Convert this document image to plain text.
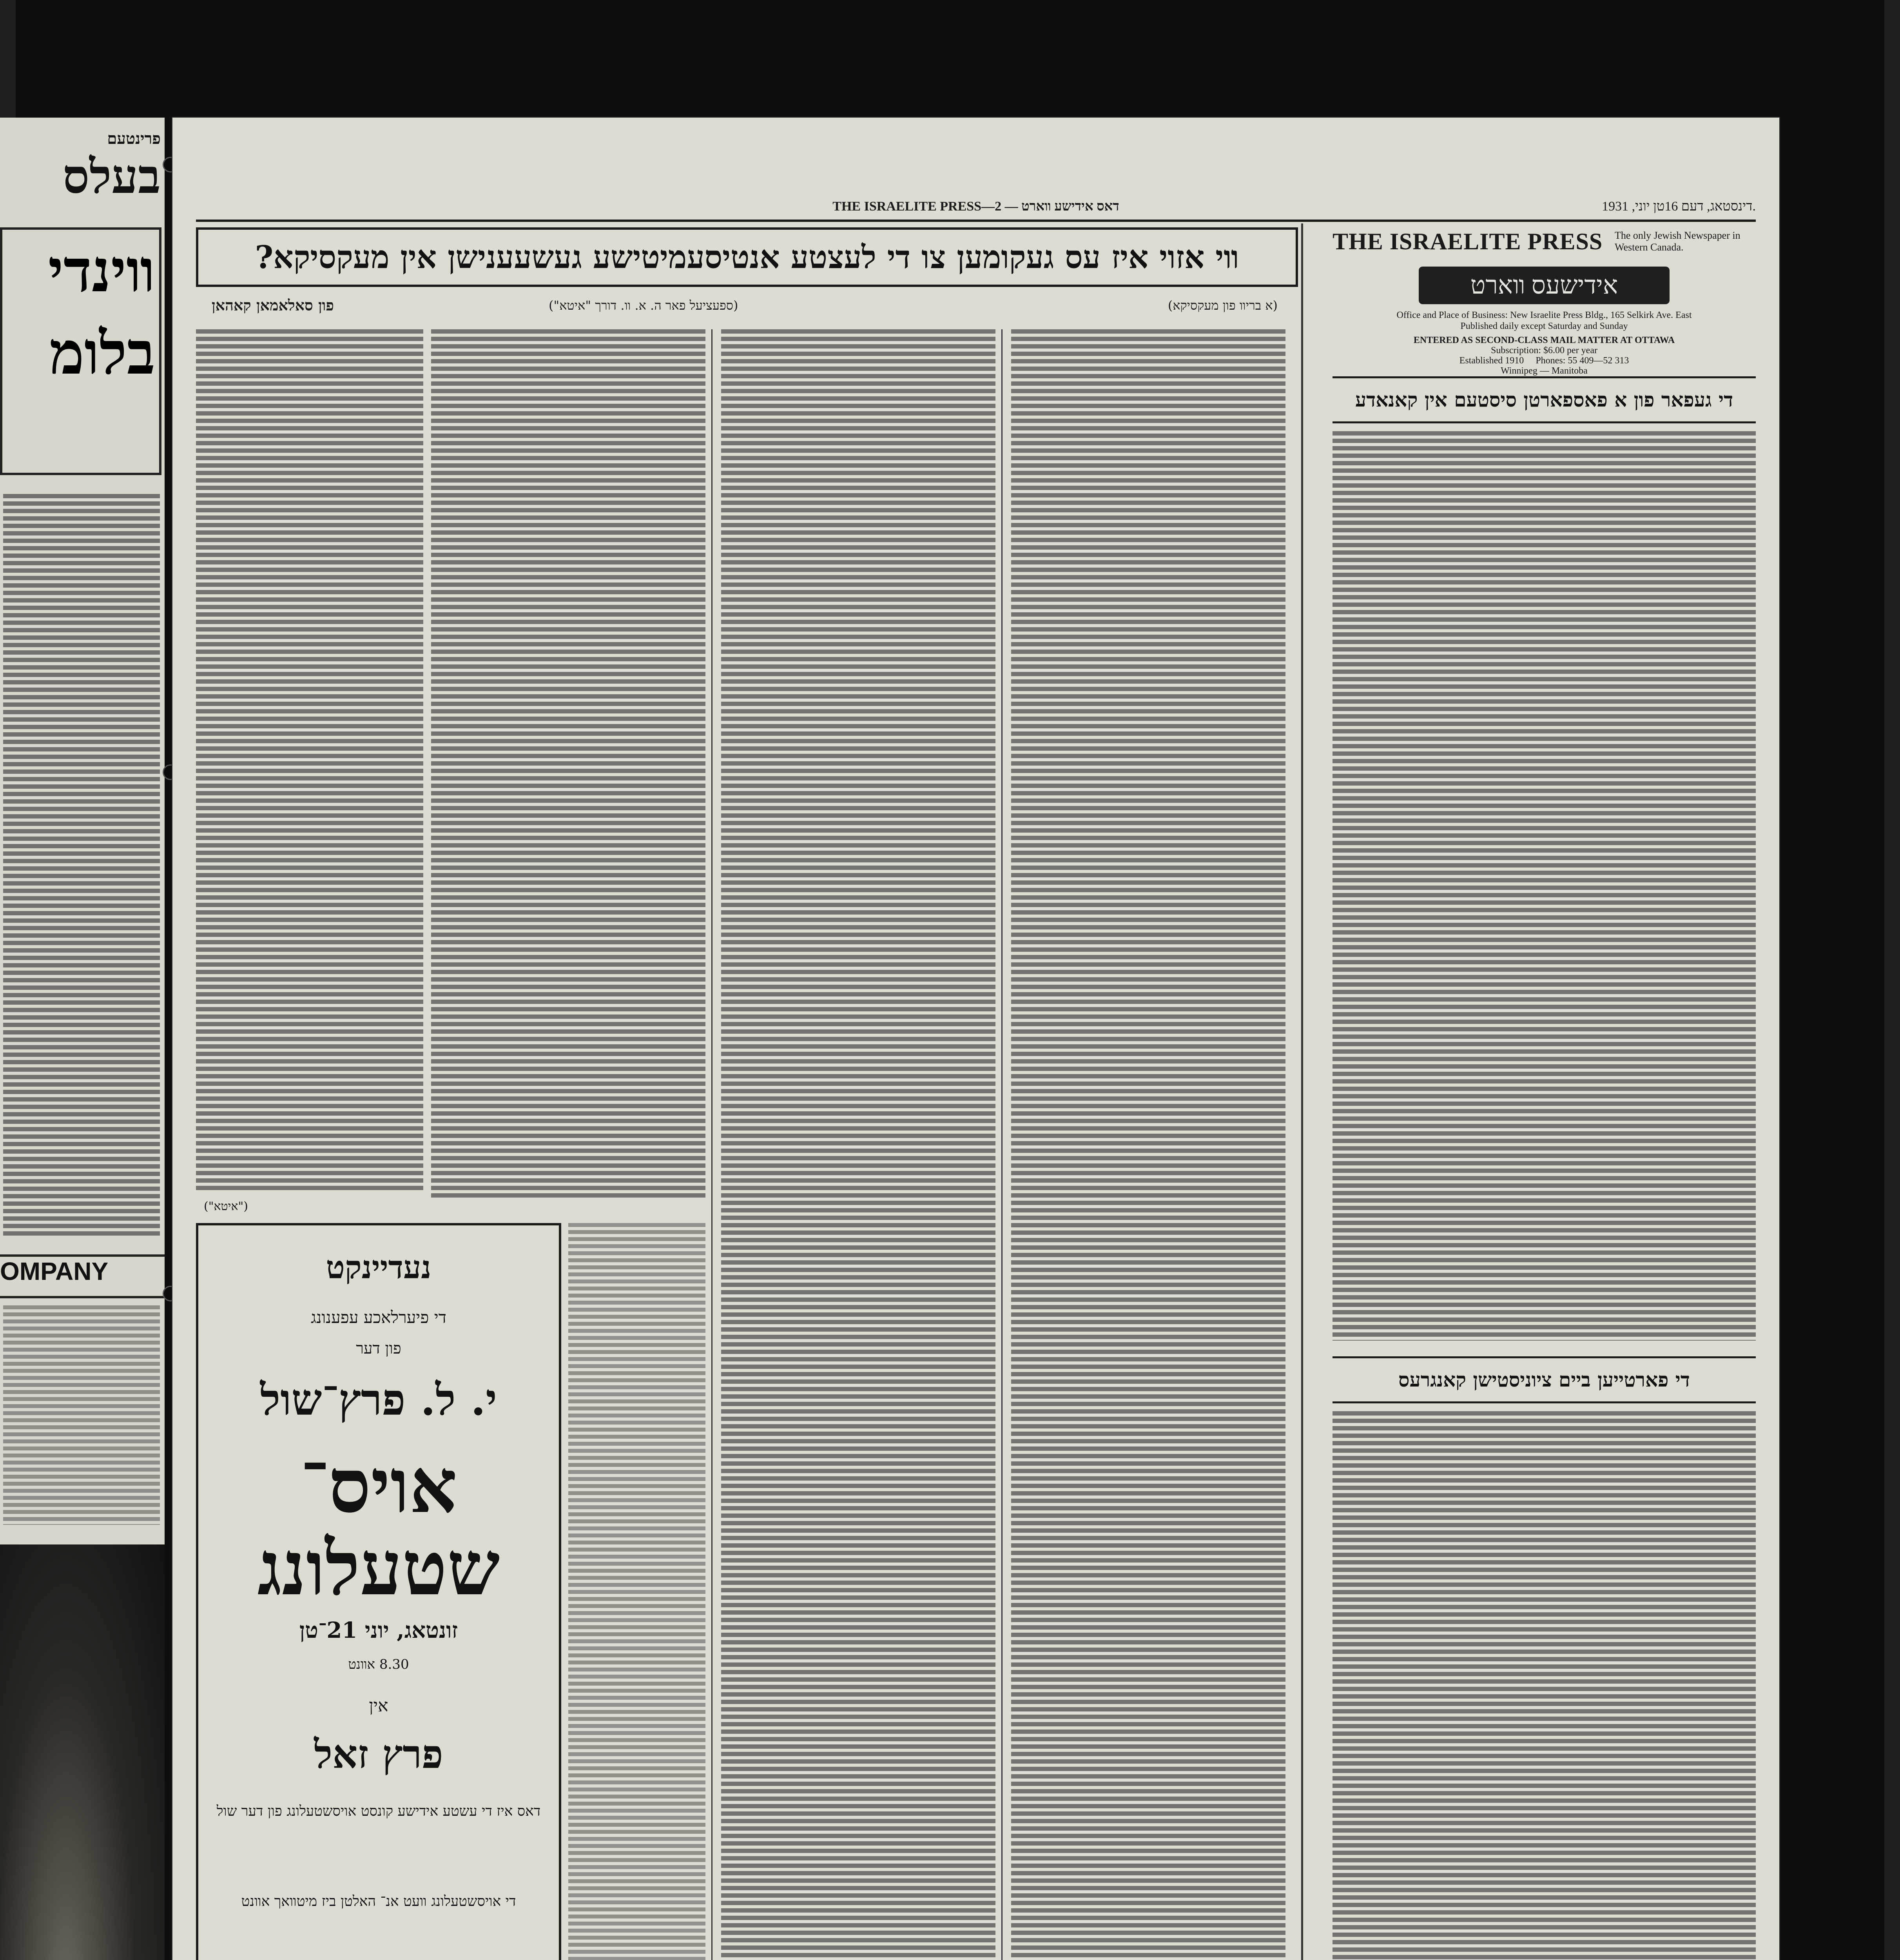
פרינטעם
בעלס
װינדי בלומ
OMPANY
THE ISRAELITE PRESS—2 — דאס אידישע װארט	דינסטאג, דעם 16טן יוני, 1931.
THE ISRAELITE PRESS The only Jewish Newspaper in Western Canada.
אידישעס װארט
Office and Place of Business: New Israelite Press Bldg., 165 Selkirk Ave. East
Published daily except Saturday and Sunday
ENTERED AS SECOND-CLASS MAIL MATTER AT OTTAWA
Subscription: $6.00 per year
Established 1910 Phones: 55 409—52 313
Winnipeg — Manitoba
װי אזוי איז עס געקומען צו די לעצטע אנטיסעמיטישע געשעענישן אין מעקסיקא?
(א בריװ פון מעקסיקא)
(ספעציעל פאר ה. א. װ. דורך "איטא")
פון סאלאמאן קאהאן
("איטא")
די געפאר פון א פאספארטן סיסטעם אין קאנאדע
די פארטייען ביים ציוניסטישן קאנגרעס
נעדיינקט
די פיערלאכע עפענונג
פון דער
י. ל. פרץ־שול
אויס־ שטעלונג
זונטאג, יוני 21־טן
8.30 אװנט
אין
פרץ זאל
דאס איז די עשטע אידישע קונסט אויסשטעלונג פון דער שול
די אויסשטעלונג װעט אנ־ האלטן ביז מיטװאך אװנט
